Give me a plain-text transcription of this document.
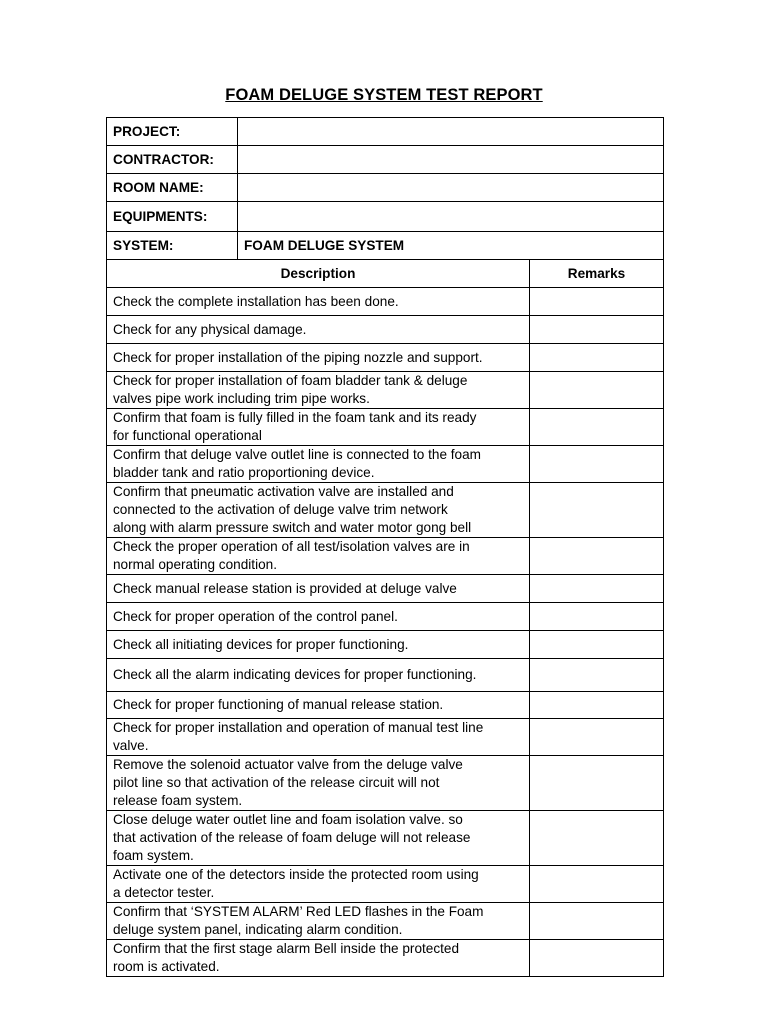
FOAM DELUGE SYSTEM TEST REPORT
PROJECT:		
CONTRACTOR:		
ROOM NAME:		
EQUIPMENTS:		
SYSTEM:	FOAM DELUGE SYSTEM	
Description		Remarks

Check the complete installation has been done.		

Check for any physical damage.		

Check for proper installation of the piping nozzle and support.		

Check for proper installation of foam bladder tank & deluge
valves pipe work including trim pipe works.		

Confirm that foam is fully filled in the foam tank and its ready
for functional operational		

Confirm that deluge valve outlet line is connected to the foam
bladder tank and ratio proportioning device.		

Confirm that pneumatic activation valve are installed and
connected to the activation of deluge valve trim network
along with alarm pressure switch and water motor gong bell		

Check the proper operation of all test/isolation valves are in
normal operating condition.		

Check manual release station is provided at deluge valve		

Check for proper operation of the control panel.		

Check all initiating devices for proper functioning.		

Check all the alarm indicating devices for proper functioning.		

Check for proper functioning of manual release station.		

Check for proper installation and operation of manual test line
valve.		

Remove the solenoid actuator valve from the deluge valve
pilot line so that activation of the release circuit will not
release foam system.		

Close deluge water outlet line and foam isolation valve. so
that activation of the release of foam deluge will not release
foam system.		

Activate one of the detectors inside the protected room using
a detector tester.		

Confirm that ‘SYSTEM ALARM’ Red LED flashes in the Foam
deluge system panel, indicating alarm condition.		

Confirm that the first stage alarm Bell inside the protected
room is activated.		
